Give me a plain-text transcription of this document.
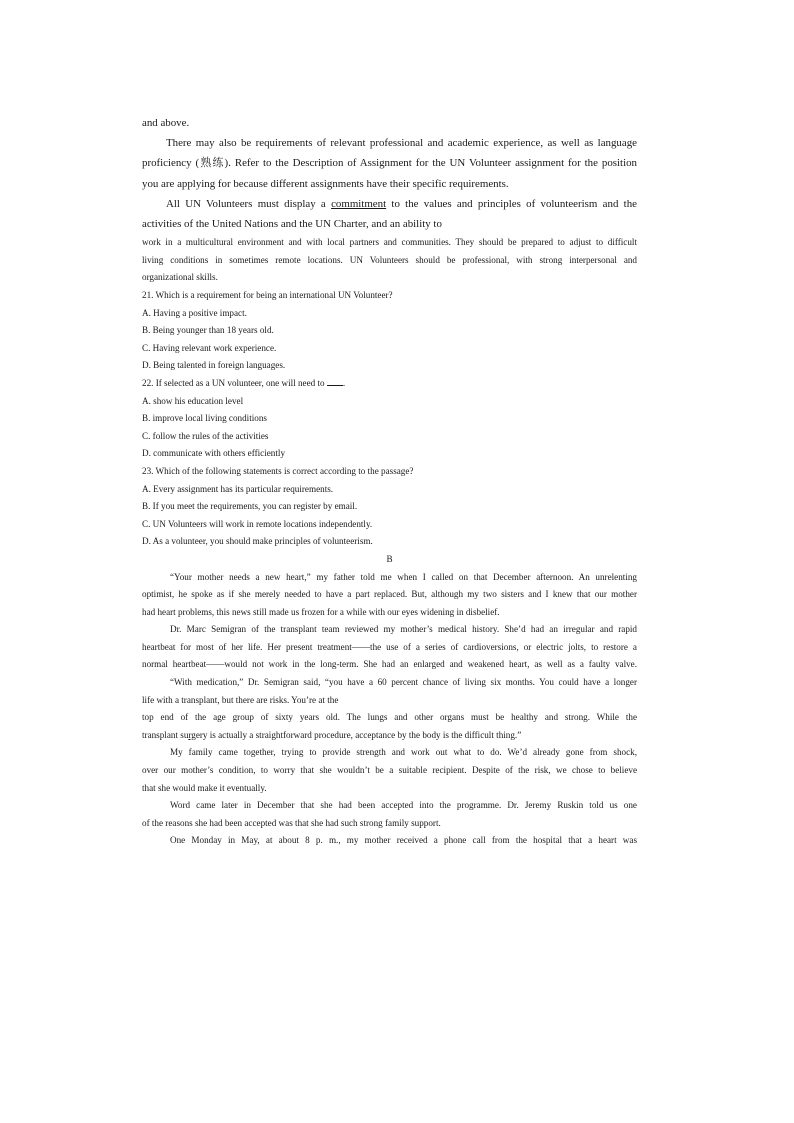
and above.

There may also be requirements of relevant professional and academic experience, as well as language

proficiency (熟练). Refer to the Description of Assignment for the UN Volunteer assignment for the position

you are applying for because different assignments have their specific requirements.

All UN Volunteers must display a commitment to the values and principles of volunteerism and the

activities of the United Nations and the UN Charter, and an ability to

work in a multicultural environment and with local partners and communities. They should be prepared to adjust to difficult

living conditions in sometimes remote locations. UN Volunteers should be professional, with strong interpersonal and

organizational skills.

21. Which is a requirement for being an international UN Volunteer?

A. Having a positive impact.

B. Being younger than 18 years old.

C. Having relevant work experience.

D. Being talented in foreign languages.

22. If selected as a UN volunteer, one will need to .

A. show his education level

B. improve local living conditions

C. follow the rules of the activities

D. communicate with others efficiently

23. Which of the following statements is correct according to the passage?

A. Every assignment has its particular requirements.

B. If you meet the requirements, you can register by email.

C. UN Volunteers will work in remote locations independently.

D. As a volunteer, you should make principles of volunteerism.

B

“Your mother needs a new heart,” my father told me when I called on that December afternoon. An unrelenting

optimist, he spoke as if she merely needed to have a part replaced. But, although my two sisters and I knew that our mother

had heart problems, this news still made us frozen for a while with our eyes widening in disbelief.

Dr. Marc Semigran of the transplant team reviewed my mother’s medical history. She’d had an irregular and rapid

heartbeat for most of her life. Her present treatment——the use of a series of cardioversions, or electric jolts, to restore a

normal heartbeat——would not work in the long-term. She had an enlarged and weakened heart, as well as a faulty valve.

“With medication,” Dr. Semigran said, “you have a 60 percent chance of living six months. You could have a longer

life with a transplant, but there are risks. You’re at the

top end of the age group of sixty years old. The lungs and other organs must be healthy and strong. While the

transplant surgery is actually a straightforward procedure, acceptance by the body is the difficult thing.”

My family came together, trying to provide strength and work out what to do. We’d already gone from shock,

over our mother’s condition, to worry that she wouldn’t be a suitable recipient. Despite of the risk, we chose to believe

that she would make it eventually.

Word came later in December that she had been accepted into the programme. Dr. Jeremy Ruskin told us one

of the reasons she had been accepted was that she had such strong family support.

One Monday in May, at about 8 p. m., my mother received a phone call from the hospital that a heart was
